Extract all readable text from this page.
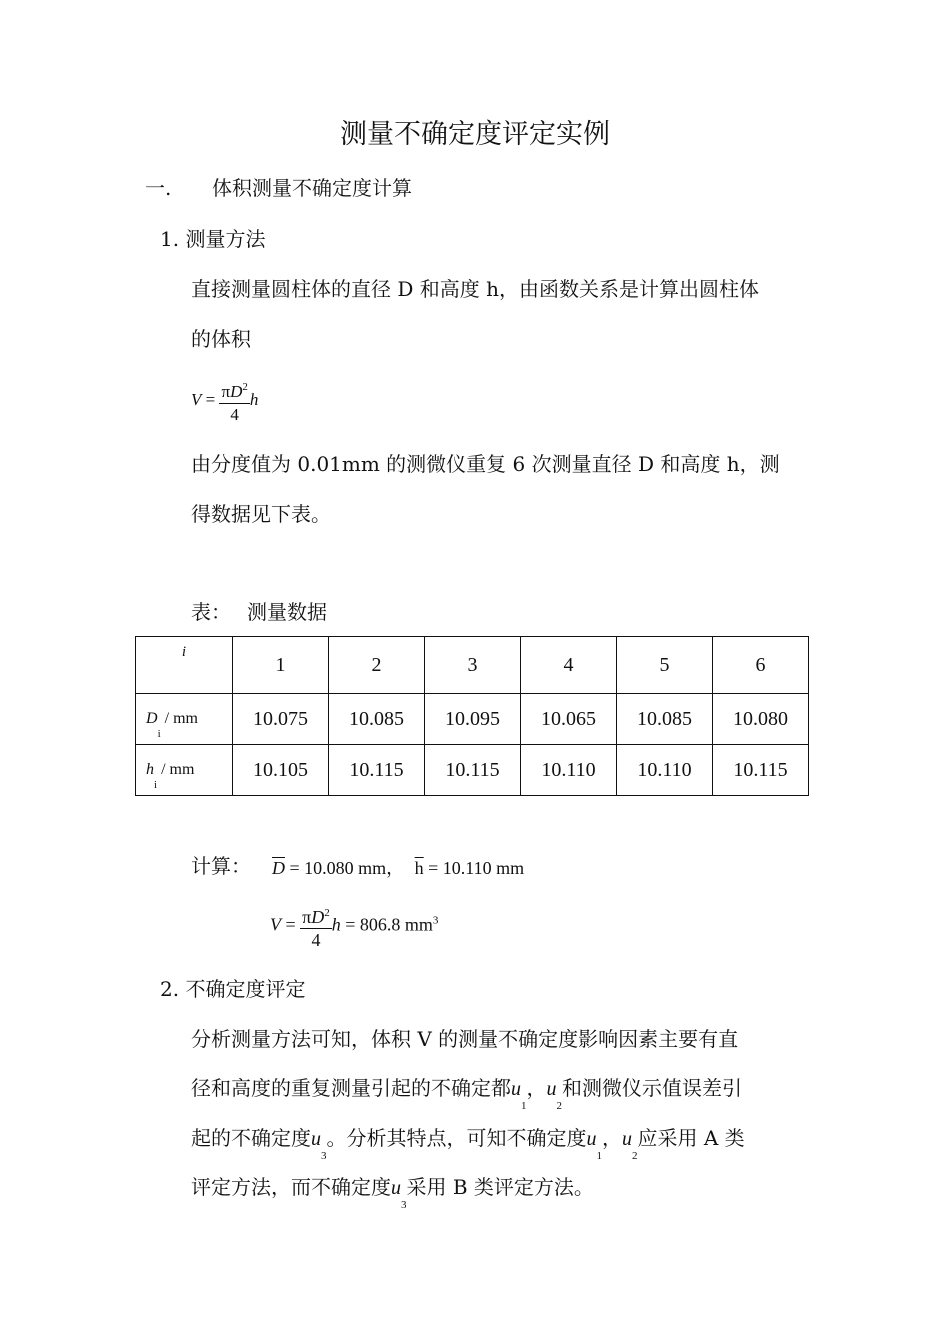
测量不确定度评定实例
一. 体积测量不确定度计算
1. 测量方法
直接测量圆柱体的直径 D 和高度 h，由函数关系是计算出圆柱体
的体积
$V = \frac{\pi D^2}{4}$ h
由分度值为 0.01mm 的测微仪重复 6 次测量直径 D 和高度 h，测
得数据见下表。
表： 测量数据
i	1	2	3	4	5	6
$D_i$ / mm	10.075	10.085	10.095	10.065	10.085	10.080
$h_i$ / mm	10.105	10.115	10.115	10.110	10.110	10.115
计算： $\overline{D} = 10.080$ mm， $\overline{h} = 10.110$ mm
$V = \frac{\pi D^2}{4}$ h = 806.8 $mm^3$
2. 不确定度评定
分析测量方法可知，体积 V 的测量不确定度影响因素主要有直
径和高度的重复测量引起的不确定都$u_1$，$u_2$和测微仪示值误差引
起的不确定度$u_3$。分析其特点，可知不确定度$u_1$，$u_2$应采用 A 类
评定方法，而不确定度$u_3$采用 B 类评定方法。
